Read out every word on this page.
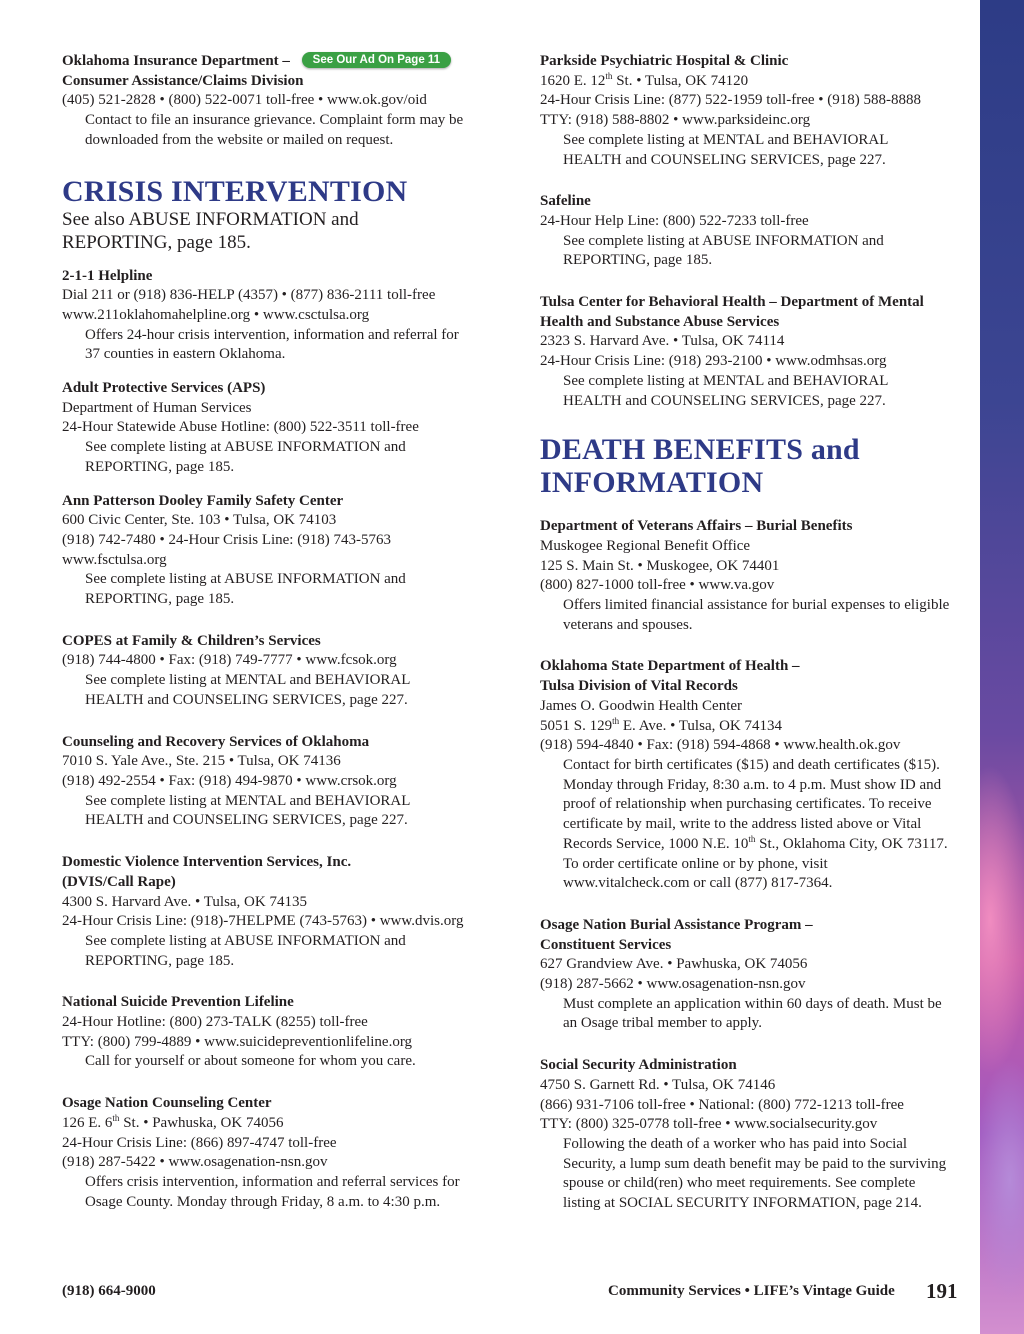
Oklahoma Insurance Department – See Our Ad On Page 11
Consumer Assistance/Claims Division
(405) 521-2828 • (800) 522-0071 toll-free • www.ok.gov/oid
Contact to file an insurance grievance. Complaint form may be
downloaded from the website or mailed on request.
CRISIS INTERVENTION
See also ABUSE INFORMATION and
REPORTING, page 185.
2-1-1 Helpline
Dial 211 or (918) 836-HELP (4357) • (877) 836-2111 toll-free
www.211oklahomahelpline.org • www.csctulsa.org
Offers 24-hour crisis intervention, information and referral for
37 counties in eastern Oklahoma.
Adult Protective Services (APS)
Department of Human Services
24-Hour Statewide Abuse Hotline: (800) 522-3511 toll-free
See complete listing at ABUSE INFORMATION and
REPORTING, page 185.
Ann Patterson Dooley Family Safety Center
600 Civic Center, Ste. 103 • Tulsa, OK 74103
(918) 742-7480 • 24-Hour Crisis Line: (918) 743-5763
www.fsctulsa.org
See complete listing at ABUSE INFORMATION and
REPORTING, page 185.
COPES at Family & Children’s Services
(918) 744-4800 • Fax: (918) 749-7777 • www.fcsok.org
See complete listing at MENTAL and BEHAVIORAL
HEALTH and COUNSELING SERVICES, page 227.
Counseling and Recovery Services of Oklahoma
7010 S. Yale Ave., Ste. 215 • Tulsa, OK 74136
(918) 492-2554 • Fax: (918) 494-9870 • www.crsok.org
See complete listing at MENTAL and BEHAVIORAL
HEALTH and COUNSELING SERVICES, page 227.
Domestic Violence Intervention Services, Inc.
(DVIS/Call Rape)
4300 S. Harvard Ave. • Tulsa, OK 74135
24-Hour Crisis Line: (918)-7HELPME (743-5763) • www.dvis.org
See complete listing at ABUSE INFORMATION and
REPORTING, page 185.
National Suicide Prevention Lifeline
24-Hour Hotline: (800) 273-TALK (8255) toll-free
TTY: (800) 799-4889 • www.suicidepreventionlifeline.org
Call for yourself or about someone for whom you care.
Osage Nation Counseling Center
126 E. 6th St. • Pawhuska, OK 74056
24-Hour Crisis Line: (866) 897-4747 toll-free
(918) 287-5422 • www.osagenation-nsn.gov
Offers crisis intervention, information and referral services for
Osage County. Monday through Friday, 8 a.m. to 4:30 p.m.
Parkside Psychiatric Hospital & Clinic
1620 E. 12th St. • Tulsa, OK 74120
24-Hour Crisis Line: (877) 522-1959 toll-free • (918) 588-8888
TTY: (918) 588-8802 • www.parksideinc.org
See complete listing at MENTAL and BEHAVIORAL
HEALTH and COUNSELING SERVICES, page 227.
Safeline
24-Hour Help Line: (800) 522-7233 toll-free
See complete listing at ABUSE INFORMATION and
REPORTING, page 185.
Tulsa Center for Behavioral Health – Department of Mental
Health and Substance Abuse Services
2323 S. Harvard Ave. • Tulsa, OK 74114
24-Hour Crisis Line: (918) 293-2100 • www.odmhsas.org
See complete listing at MENTAL and BEHAVIORAL
HEALTH and COUNSELING SERVICES, page 227.
DEATH BENEFITS and
INFORMATION
Department of Veterans Affairs – Burial Benefits
Muskogee Regional Benefit Office
125 S. Main St. • Muskogee, OK 74401
(800) 827-1000 toll-free • www.va.gov
Offers limited financial assistance for burial expenses to eligible
veterans and spouses.
Oklahoma State Department of Health –
Tulsa Division of Vital Records
James O. Goodwin Health Center
5051 S. 129th E. Ave. • Tulsa, OK 74134
(918) 594-4840 • Fax: (918) 594-4868 • www.health.ok.gov
Contact for birth certificates ($15) and death certificates ($15).
Monday through Friday, 8:30 a.m. to 4 p.m. Must show ID and
proof of relationship when purchasing certificates. To receive
certificate by mail, write to the address listed above or Vital
Records Service, 1000 N.E. 10th St., Oklahoma City, OK 73117.
To order certificate online or by phone, visit
www.vitalcheck.com or call (877) 817-7364.
Osage Nation Burial Assistance Program –
Constituent Services
627 Grandview Ave. • Pawhuska, OK 74056
(918) 287-5662 • www.osagenation-nsn.gov
Must complete an application within 60 days of death. Must be
an Osage tribal member to apply.
Social Security Administration
4750 S. Garnett Rd. • Tulsa, OK 74146
(866) 931-7106 toll-free • National: (800) 772-1213 toll-free
TTY: (800) 325-0778 toll-free • www.socialsecurity.gov
Following the death of a worker who has paid into Social
Security, a lump sum death benefit may be paid to the surviving
spouse or child(ren) who meet requirements. See complete
listing at SOCIAL SECURITY INFORMATION, page 214.
(918) 664-9000	Community Services • LIFE’s Vintage Guide 191
